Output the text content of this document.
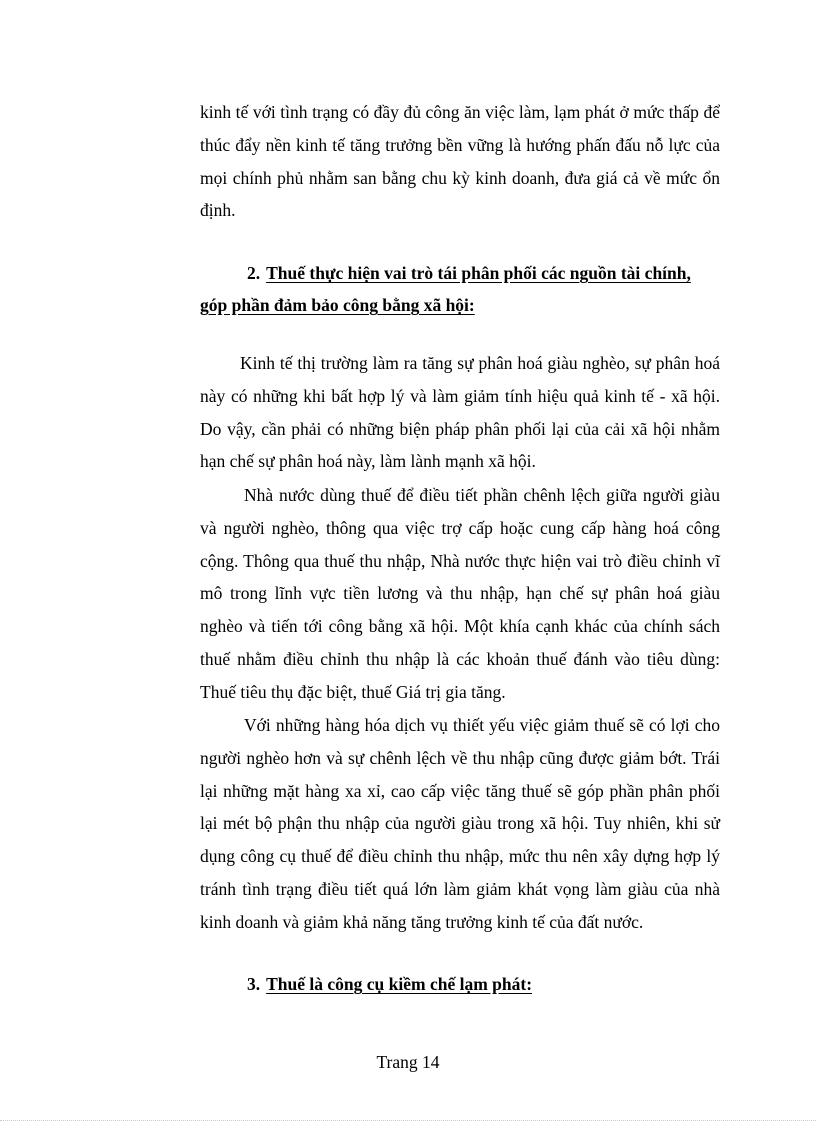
kinh tế với tình trạng có đầy đủ công ăn việc làm, lạm phát ở mức thấp để thúc đẩy nền kinh tế tăng trưởng bền vững là hướng phấn đấu nỗ lực của mọi chính phủ nhằm san bằng chu kỳ kinh doanh, đưa giá cả về mức ổn định.

2. Thuế thực hiện vai trò tái phân phối các nguồn tài chính,
góp phần đảm bảo công bằng xã hội:

Kinh tế thị trường làm ra tăng sự phân hoá giàu nghèo, sự phân hoá này có những khi bất hợp lý và làm giảm tính hiệu quả kinh tế - xã hội. Do vậy, cần phải có những biện pháp phân phối lại của cải xã hội nhằm hạn chế sự phân hoá này, làm lành mạnh xã hội.

Nhà nước dùng thuế để điều tiết phần chênh lệch giữa người giàu và người nghèo, thông qua việc trợ cấp hoặc cung cấp hàng hoá công cộng. Thông qua thuế thu nhập, Nhà nước thực hiện vai trò điều chỉnh vĩ mô trong lĩnh vực tiền lương và thu nhập, hạn chế sự phân hoá giàu nghèo và tiến tới công bằng xã hội. Một khía cạnh khác của chính sách thuế nhằm điều chỉnh thu nhập là các khoản thuế đánh vào tiêu dùng: Thuế tiêu thụ đặc biệt, thuế Giá trị gia tăng.

Với những hàng hóa dịch vụ thiết yếu việc giảm thuế sẽ có lợi cho người nghèo hơn và sự chênh lệch về thu nhập cũng được giảm bớt. Trái lại những mặt hàng xa xỉ, cao cấp việc tăng thuế sẽ góp phần phân phối lại mét bộ phận thu nhập của người giàu trong xã hội. Tuy nhiên, khi sử dụng công cụ thuế để điều chỉnh thu nhập, mức thu nên xây dựng hợp lý tránh tình trạng điều tiết quá lớn làm giảm khát vọng làm giàu của nhà kinh doanh và giảm khả năng tăng trưởng kinh tế của đất nước.

3. Thuế là công cụ kiềm chế lạm phát:
Trang 14
